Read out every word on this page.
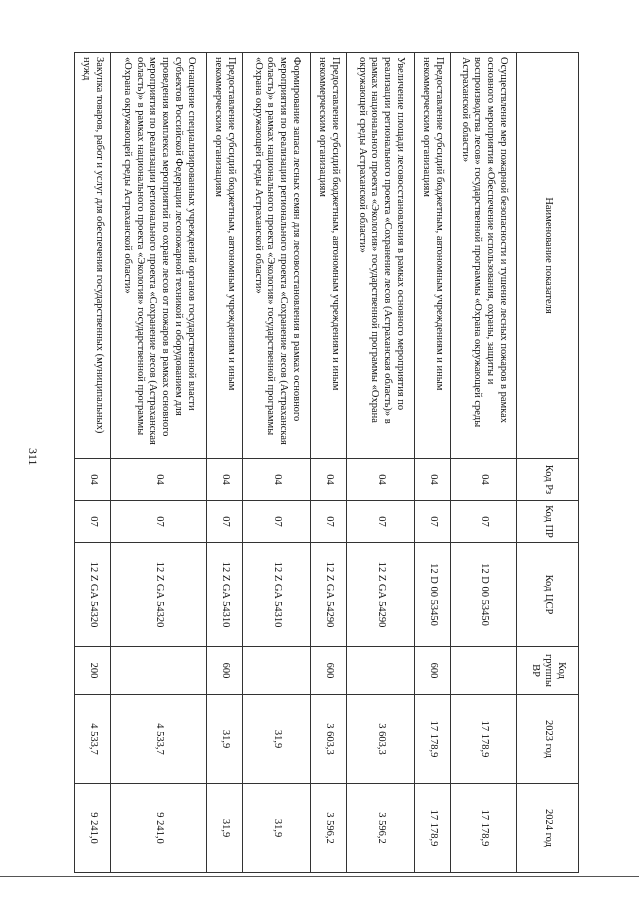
311
Наименование показателя	Код Рз	Код ПР	Код ЦСР	Код группы ВР	2023 год	2024 год
Осуществление мер пожарной безопасности и тушение лесных пожаров в рамках основного мероприятия «Обеспечение использования, охраны, защиты и воспроизводства лесов» государственной программы «Охрана окружающей среды Астраханской области»	04	07	12 D 00 53450		17 178,9	17 178,9
Предоставление субсидий бюджетным, автономным учреждениям и иным некоммерческим организациям	04	07	12 D 00 53450	600	17 178,9	17 178,9
Увеличение площади лесовосстановления в рамках основного мероприятия по реализации регионального проекта «Сохранение лесов (Астраханская область)» в рамках национального проекта «Экология» государственной программы «Охрана окружающей среды Астраханской области»	04	07	12 Z GA 54290		3 603,3	3 596,2
Предоставление субсидий бюджетным, автономным учреждениям и иным некоммерческим организациям	04	07	12 Z GA 54290	600	3 603,3	3 596,2
Формирование запаса лесных семян для лесовосстановления в рамках основного мероприятия по реализации регионального проекта «Сохранение лесов (Астраханская область)» в рамках национального проекта «Экология» государственной программы «Охрана окружающей среды Астраханской области»	04	07	12 Z GA 54310		31,9	31,9
Предоставление субсидий бюджетным, автономным учреждениям и иным некоммерческим организациям	04	07	12 Z GA 54310	600	31,9	31,9
Оснащение специализированных учреждений органов государственной власти субъектов Российской Федерации лесопожарной техникой и оборудованием для проведения комплекса мероприятий по охране лесов от пожаров в рамках основного мероприятия по реализации регионального проекта «Сохранение лесов (Астраханская область)» в рамках национального проекта «Экология» государственной программы «Охрана окружающей среды Астраханской области»	04	07	12 Z GA 54320		4 533,7	9 241,0
Закупка товаров, работ и услуг для обеспечения государственных (муниципальных) нужд	04	07	12 Z GA 54320	200	4 533,7	9 241,0
